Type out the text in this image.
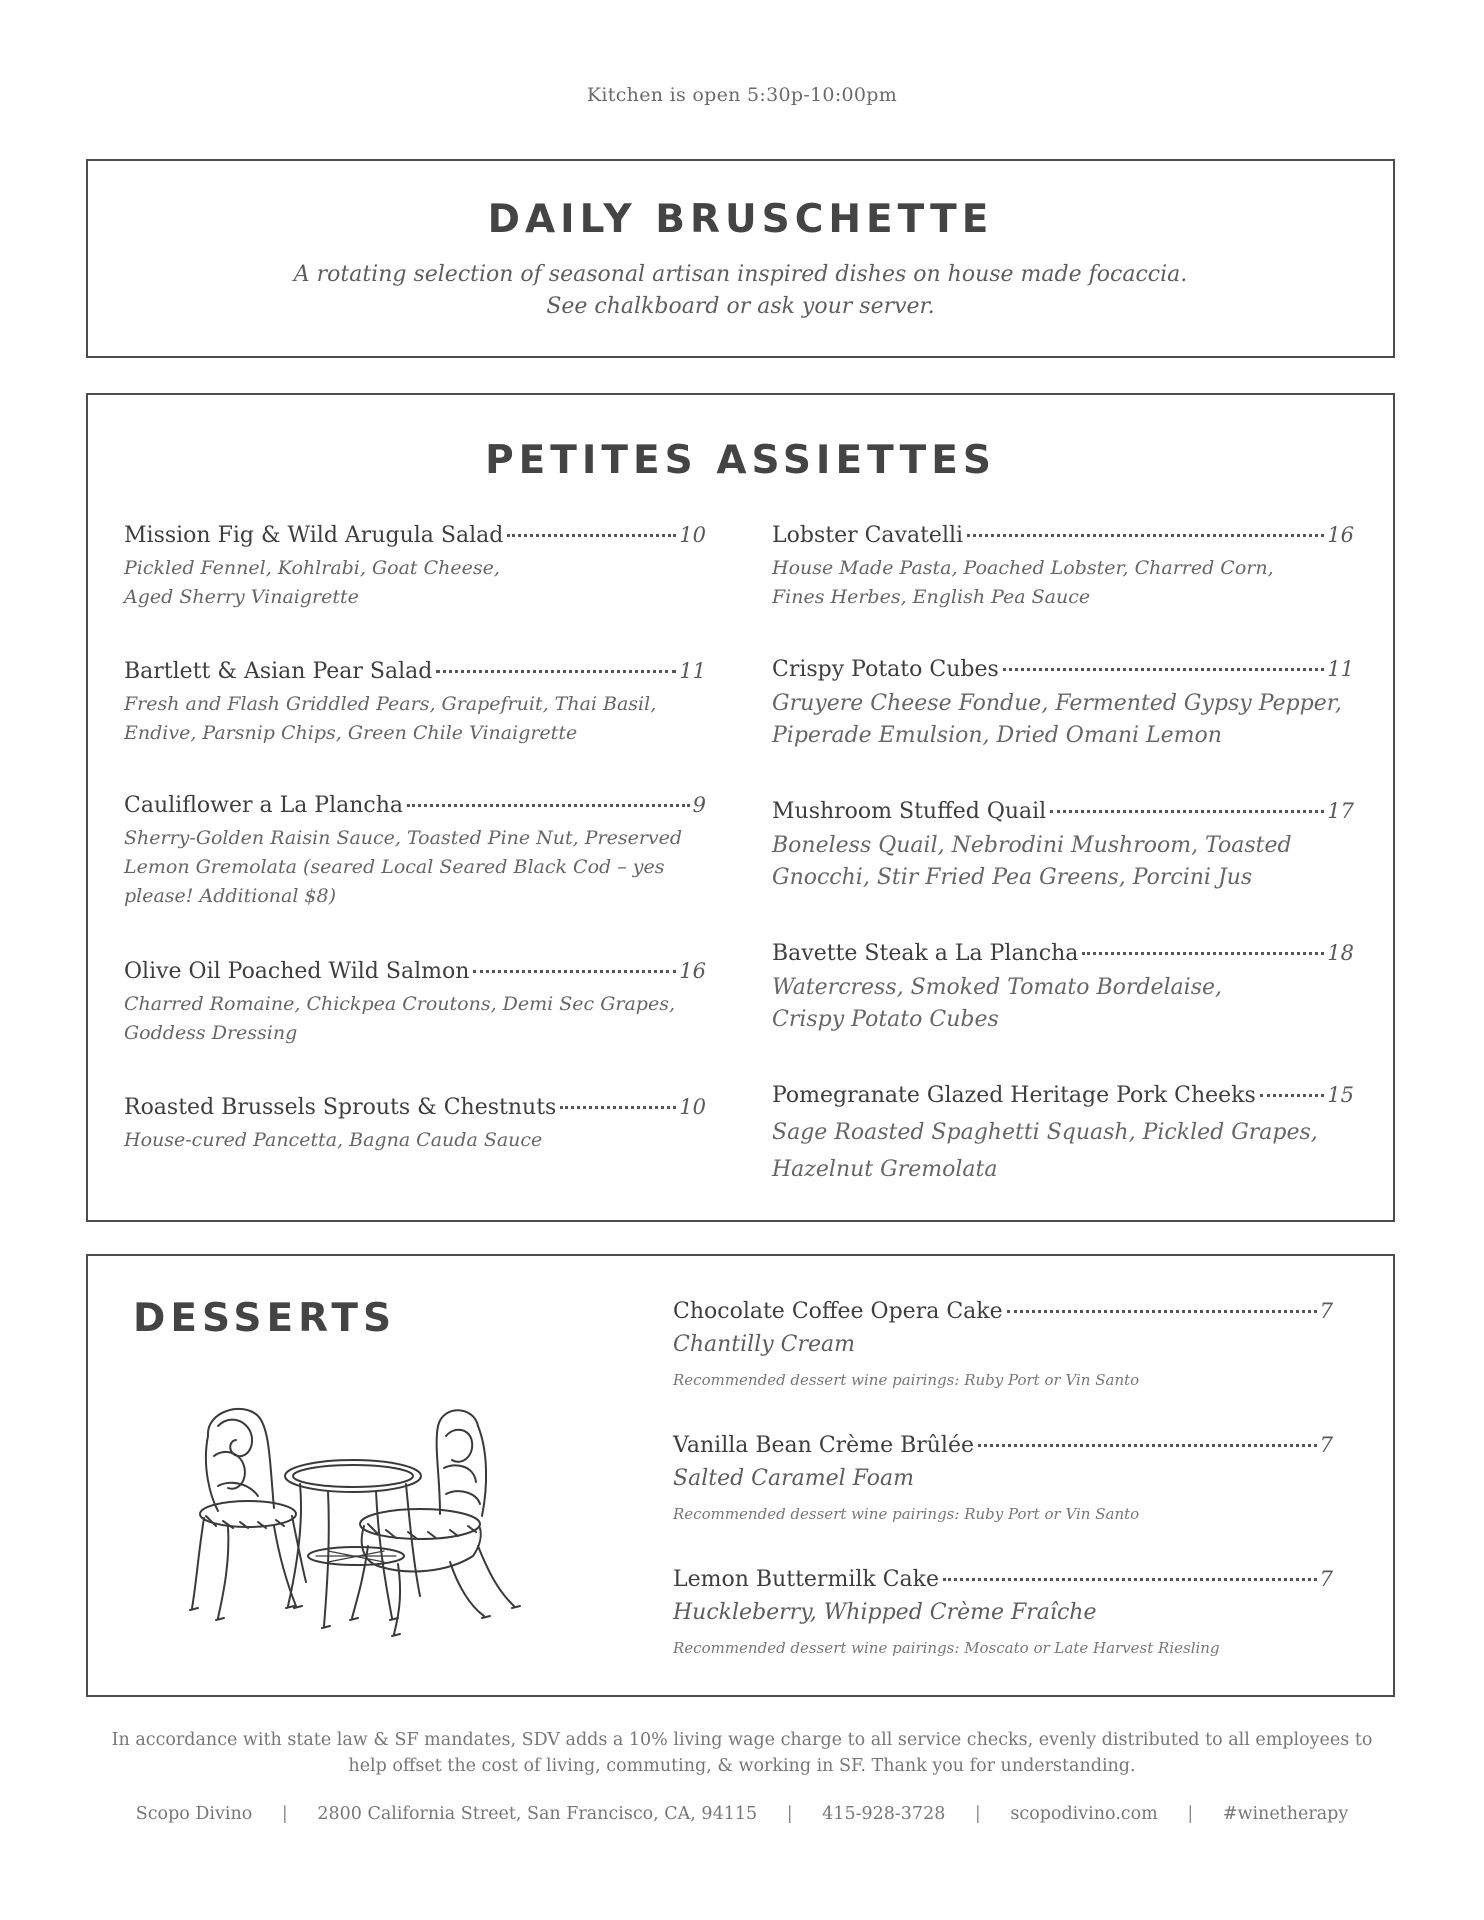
Kitchen is open 5:30p-10:00pm
DAILY BRUSCHETTE
A rotating selection of seasonal artisan inspired dishes on house made focaccia.
See chalkboard or ask your server.
PETITES ASSIETTES
Mission Fig & Wild Arugula Salad	10
Pickled Fennel, Kohlrabi, Goat Cheese,
Aged Sherry Vinaigrette
Bartlett & Asian Pear Salad	11
Fresh and Flash Griddled Pears, Grapefruit, Thai Basil,
Endive, Parsnip Chips, Green Chile Vinaigrette
Cauliflower a La Plancha	9
Sherry-Golden Raisin Sauce, Toasted Pine Nut, Preserved
Lemon Gremolata (seared Local Seared Black Cod – yes
please! Additional $8)
Olive Oil Poached Wild Salmon	16
Charred Romaine, Chickpea Croutons, Demi Sec Grapes,
Goddess Dressing
Roasted Brussels Sprouts & Chestnuts	10
House-cured Pancetta, Bagna Cauda Sauce
Lobster Cavatelli	16
House Made Pasta, Poached Lobster, Charred Corn,
Fines Herbes, English Pea Sauce
Crispy Potato Cubes	11
Gruyere Cheese Fondue, Fermented Gypsy Pepper,
Piperade Emulsion, Dried Omani Lemon
Mushroom Stuffed Quail	17
Boneless Quail, Nebrodini Mushroom, Toasted
Gnocchi, Stir Fried Pea Greens, Porcini Jus
Bavette Steak a La Plancha	18
Watercress, Smoked Tomato Bordelaise,
Crispy Potato Cubes
Pomegranate Glazed Heritage Pork Cheeks	15
Sage Roasted Spaghetti Squash, Pickled Grapes,
Hazelnut Gremolata
DESSERTS	Chocolate Coffee Opera Cake	7
Chantilly Cream
Recommended dessert wine pairings: Ruby Port or Vin Santo
Vanilla Bean Crème Brûlée	7
Salted Caramel Foam
Recommended dessert wine pairings: Ruby Port or Vin Santo
Lemon Buttermilk Cake	7
Huckleberry, Whipped Crème Fraîche
Recommended dessert wine pairings: Moscato or Late Harvest Riesling
In accordance with state law & SF mandates, SDV adds a 10% living wage charge to all service checks, evenly distributed to all employees to
help offset the cost of living, commuting, & working in SF. Thank you for understanding.
Scopo Divino | 2800 California Street, San Francisco, CA, 94115 | 415-928-3728 | scopodivino.com | #winetherapy
